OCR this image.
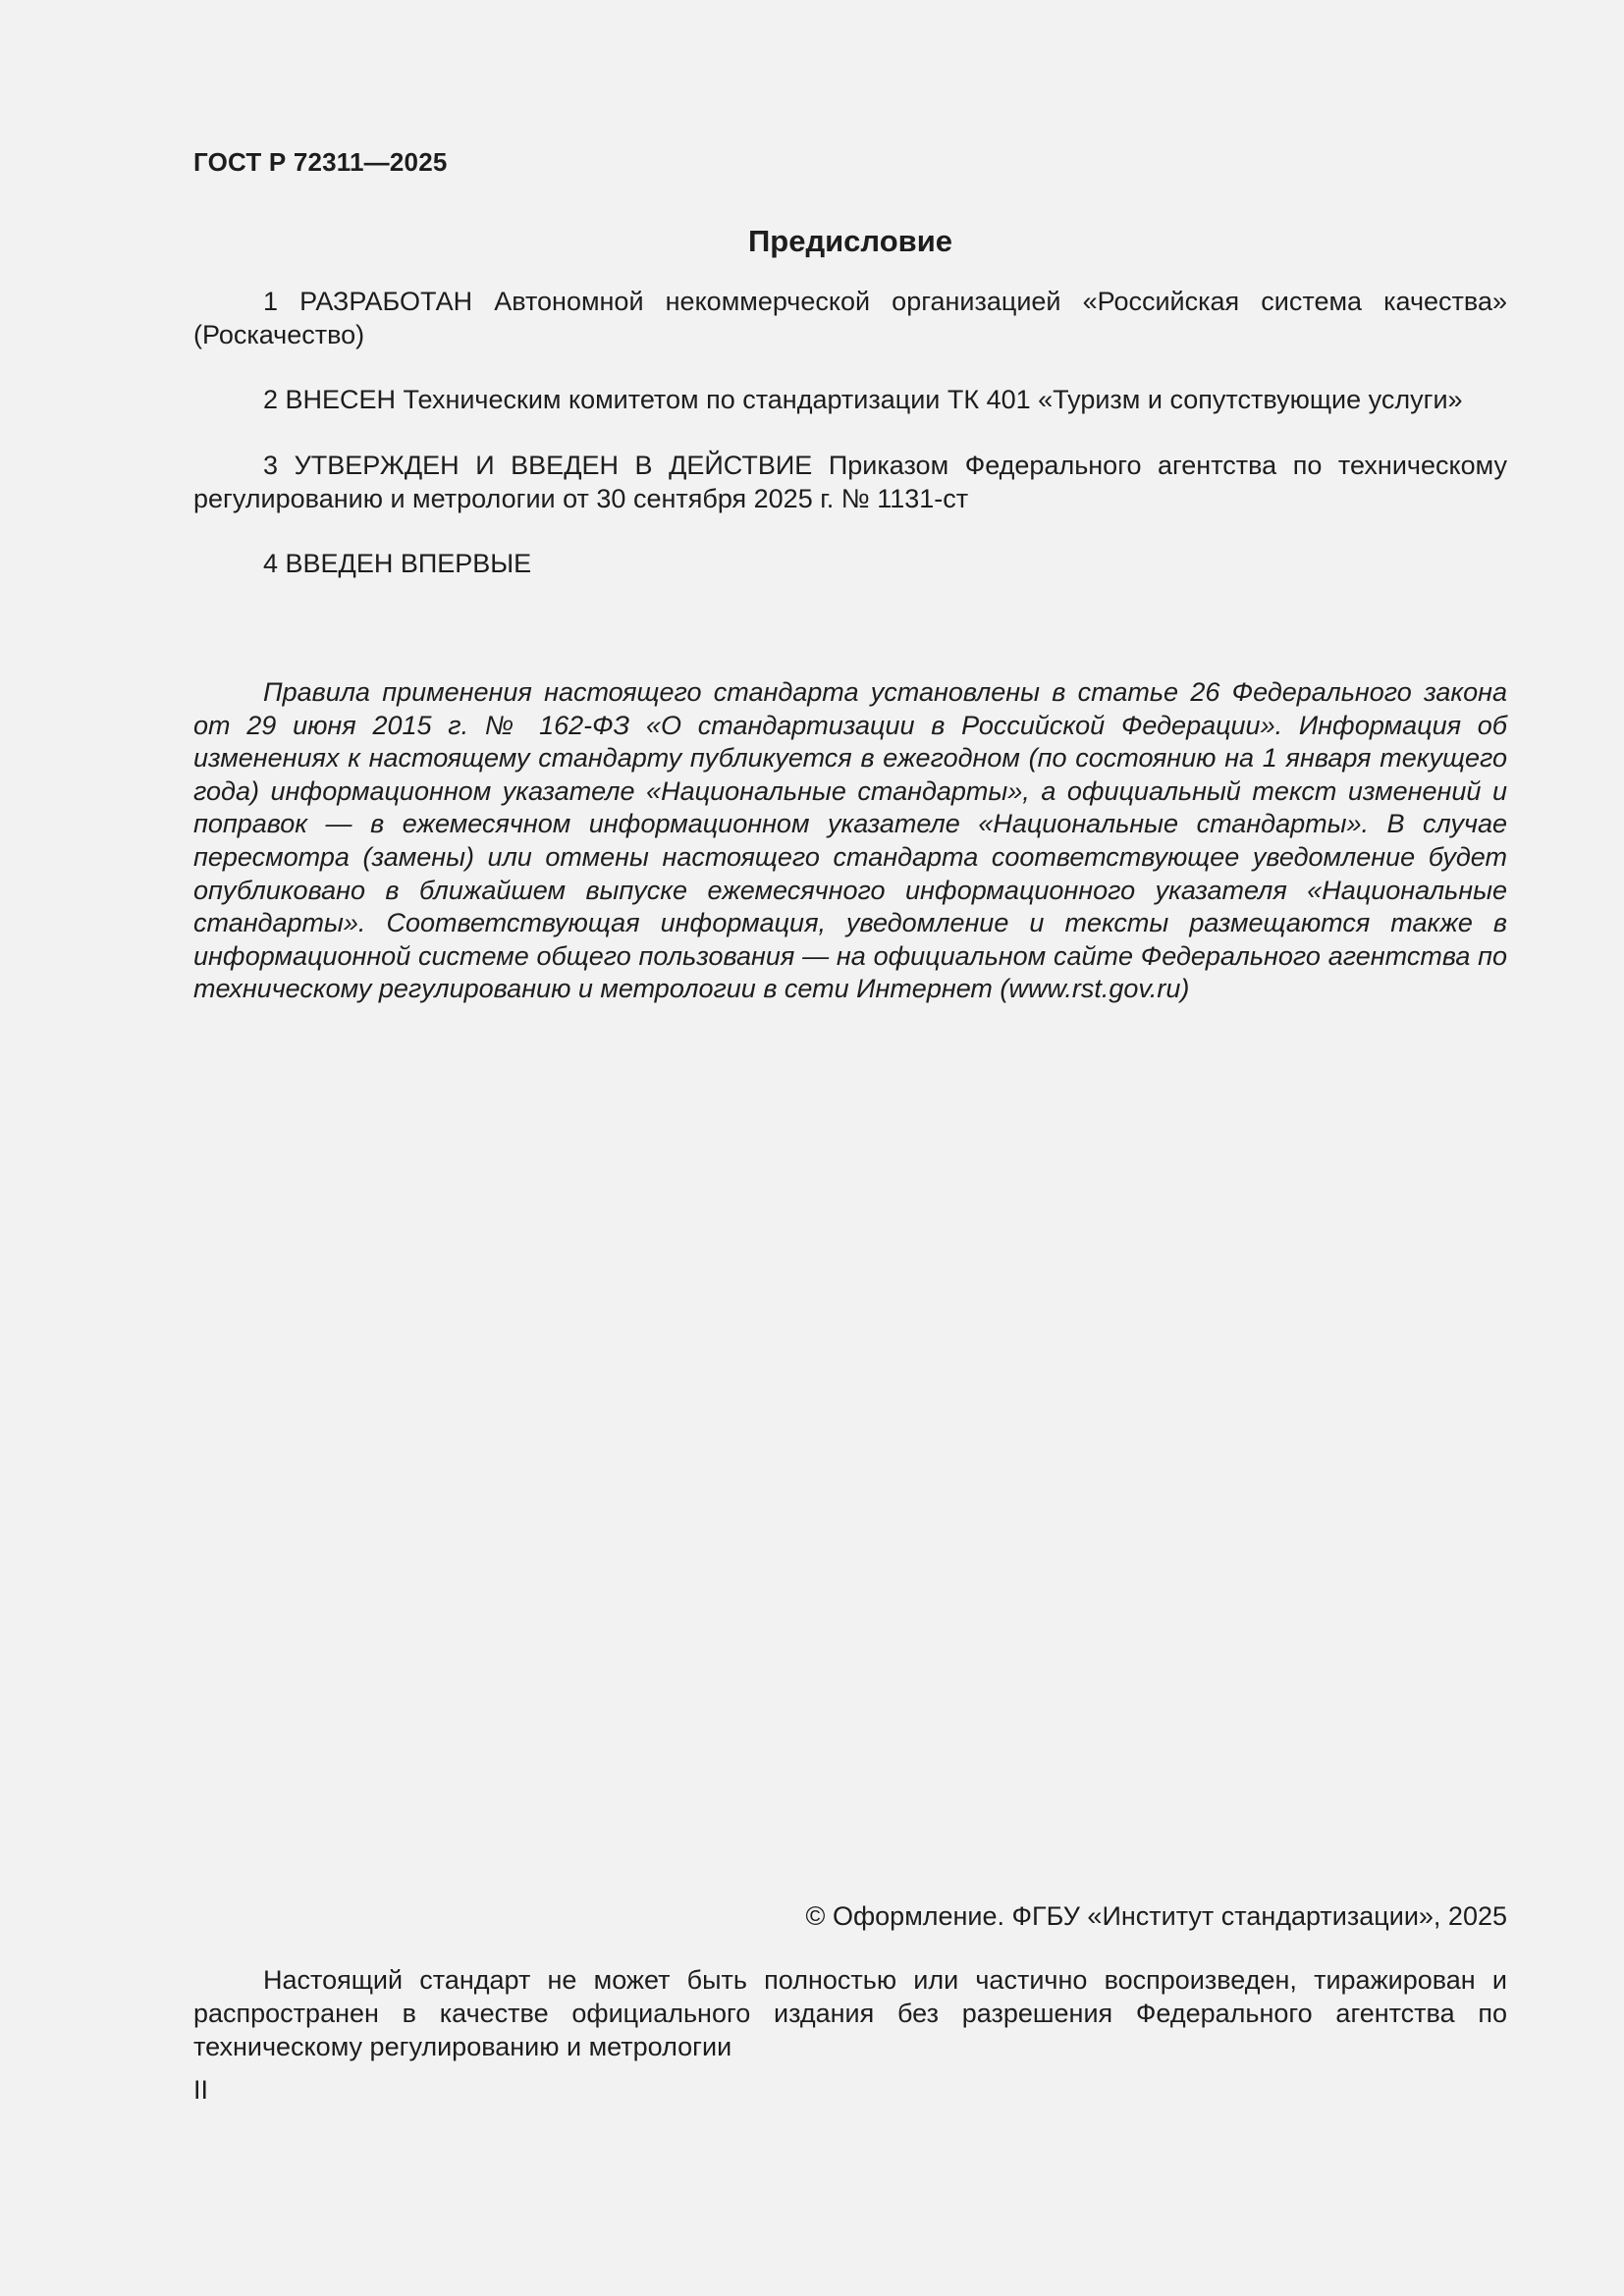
ГОСТ Р 72311—2025
Предисловие
1 РАЗРАБОТАН Автономной некоммерческой организацией «Российская система качества» (Роскачество)
2 ВНЕСЕН Техническим комитетом по стандартизации ТК 401 «Туризм и сопутствующие услуги»
3 УТВЕРЖДЕН И ВВЕДЕН В ДЕЙСТВИЕ Приказом Федерального агентства по техническому регулированию и метрологии от 30 сентября 2025 г. № 1131-ст
4 ВВЕДЕН ВПЕРВЫЕ
Правила применения настоящего стандарта установлены в статье 26 Федерального закона от 29 июня 2015 г. № 162-ФЗ «О стандартизации в Российской Федерации». Информация об изменениях к настоящему стандарту публикуется в ежегодном (по состоянию на 1 января текущего года) информационном указателе «Национальные стандарты», а официальный текст изменений и поправок — в ежемесячном информационном указателе «Национальные стандарты». В случае пересмотра (замены) или отмены настоящего стандарта соответствующее уведомление будет опубликовано в ближайшем выпуске ежемесячного информационного указателя «Национальные стандарты». Соответствующая информация, уведомление и тексты размещаются также в информационной системе общего пользования — на официальном сайте Федерального агентства по техническому регулированию и метрологии в сети Интернет (www.rst.gov.ru)
© Оформление. ФГБУ «Институт стандартизации», 2025
Настоящий стандарт не может быть полностью или частично воспроизведен, тиражирован и распространен в качестве официального издания без разрешения Федерального агентства по техническому регулированию и метрологии
II
